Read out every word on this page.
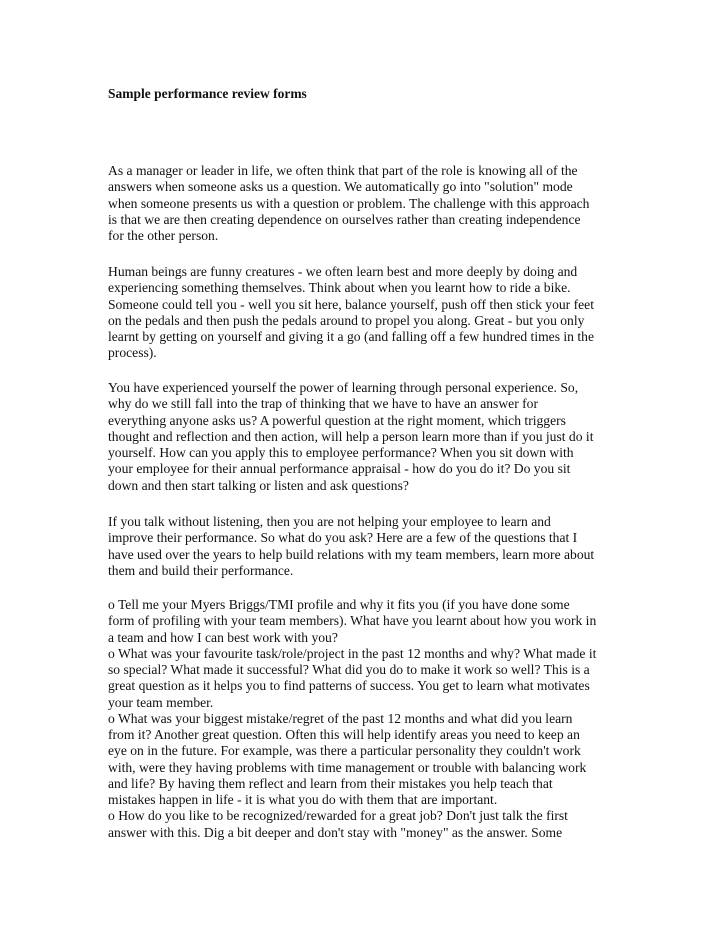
Sample performance review forms
As a manager or leader in life, we often think that part of the role is knowing all of the
answers when someone asks us a question. We automatically go into "solution" mode
when someone presents us with a question or problem. The challenge with this approach
is that we are then creating dependence on ourselves rather than creating independence
for the other person.
Human beings are funny creatures - we often learn best and more deeply by doing and
experiencing something themselves. Think about when you learnt how to ride a bike.
Someone could tell you - well you sit here, balance yourself, push off then stick your feet
on the pedals and then push the pedals around to propel you along. Great - but you only
learnt by getting on yourself and giving it a go (and falling off a few hundred times in the
process).
You have experienced yourself the power of learning through personal experience. So,
why do we still fall into the trap of thinking that we have to have an answer for
everything anyone asks us? A powerful question at the right moment, which triggers
thought and reflection and then action, will help a person learn more than if you just do it
yourself. How can you apply this to employee performance? When you sit down with
your employee for their annual performance appraisal - how do you do it? Do you sit
down and then start talking or listen and ask questions?
If you talk without listening, then you are not helping your employee to learn and
improve their performance. So what do you ask? Here are a few of the questions that I
have used over the years to help build relations with my team members, learn more about
them and build their performance.
o Tell me your Myers Briggs/TMI profile and why it fits you (if you have done some
form of profiling with your team members). What have you learnt about how you work in
a team and how I can best work with you?
o What was your favourite task/role/project in the past 12 months and why? What made it
so special? What made it successful? What did you do to make it work so well? This is a
great question as it helps you to find patterns of success. You get to learn what motivates
your team member.
o What was your biggest mistake/regret of the past 12 months and what did you learn
from it? Another great question. Often this will help identify areas you need to keep an
eye on in the future. For example, was there a particular personality they couldn't work
with, were they having problems with time management or trouble with balancing work
and life? By having them reflect and learn from their mistakes you help teach that
mistakes happen in life - it is what you do with them that are important.
o How do you like to be recognized/rewarded for a great job? Don't just talk the first
answer with this. Dig a bit deeper and don't stay with "money" as the answer. Some
